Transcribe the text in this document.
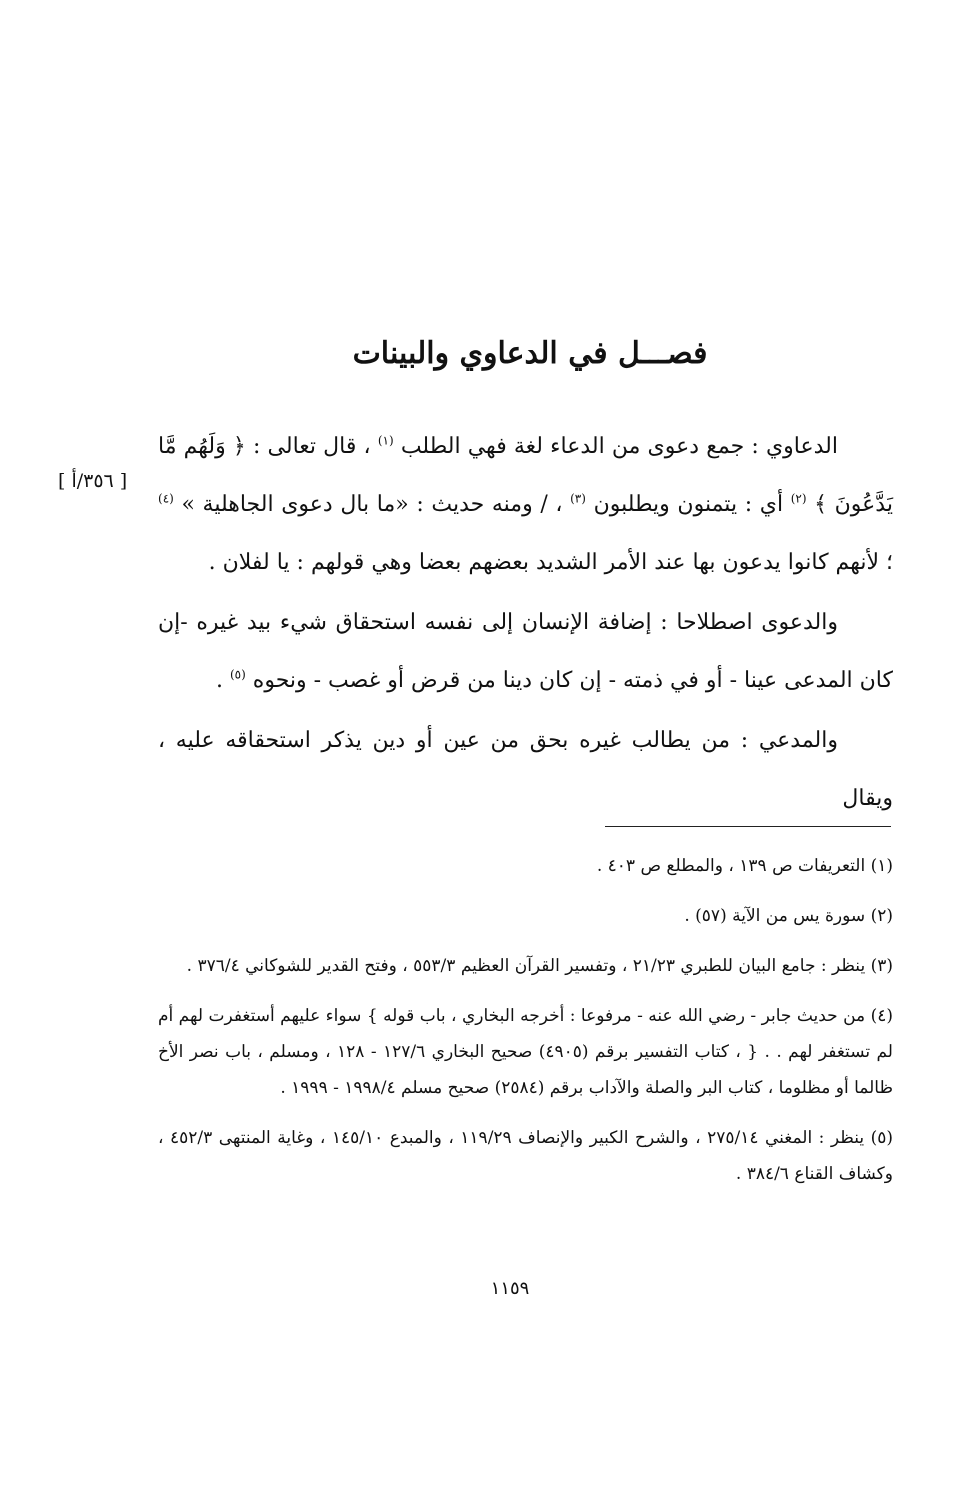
فصـــل في الدعاوي والبينات
[ ٣٥٦/أ ]

الدعاوي : جمع دعوى من الدعاء لغة فهي الطلب $^{(١)}$ ، قال تعالى : ﴿ وَلَهُم مَّا يَدَّعُونَ ﴾ $^{(٢)}$ أي : يتمنون ويطلبون $^{(٣)}$ ، / ومنه حديث : «ما بال دعوى الجاهلية » $^{(٤)}$ ؛ لأنهم كانوا يدعون بها عند الأمر الشديد بعضهم بعضا وهي قولهم : يا لفلان .

والدعوى اصطلاحا : إضافة الإنسان إلى نفسه استحقاق شيء بيد غيره -إن كان المدعى عينا - أو في ذمته - إن كان دينا من قرض أو غصب - ونحوه $^{(٥)}$ .

والمدعي : من يطالب غيره بحق من عين أو دين يذكر استحقاقه عليه ، ويقال

(١) التعريفات ص ١٣٩ ، والمطلع ص ٤٠٣ .

(٢) سورة يس من الآية (٥٧) .

(٣) ينظر : جامع البيان للطبري ٢١/٢٣ ، وتفسير القرآن العظيم ٥٥٣/٣ ، وفتح القدير للشوكاني ٣٧٦/٤ .

(٤) من حديث جابر - رضي الله عنه - مرفوعا : أخرجه البخاري ، باب قوله } سواء عليهم أستغفرت لهم أم لم تستغفر لهم . . { ، كتاب التفسير برقم (٤٩٠٥) صحيح البخاري ١٢٧/٦ - ١٢٨ ، ومسلم ، باب نصر الأخ ظالما أو مظلوما ، كتاب البر والصلة والآداب برقم (٢٥٨٤) صحيح مسلم ١٩٩٨/٤ - ١٩٩٩ .

(٥) ينظر : المغني ٢٧٥/١٤ ، والشرح الكبير والإنصاف ١١٩/٢٩ ، والمبدع ١٤٥/١٠ ، وغاية المنتهى ٤٥٢/٣ ، وكشاف القناع ٣٨٤/٦ .

١١٥٩
